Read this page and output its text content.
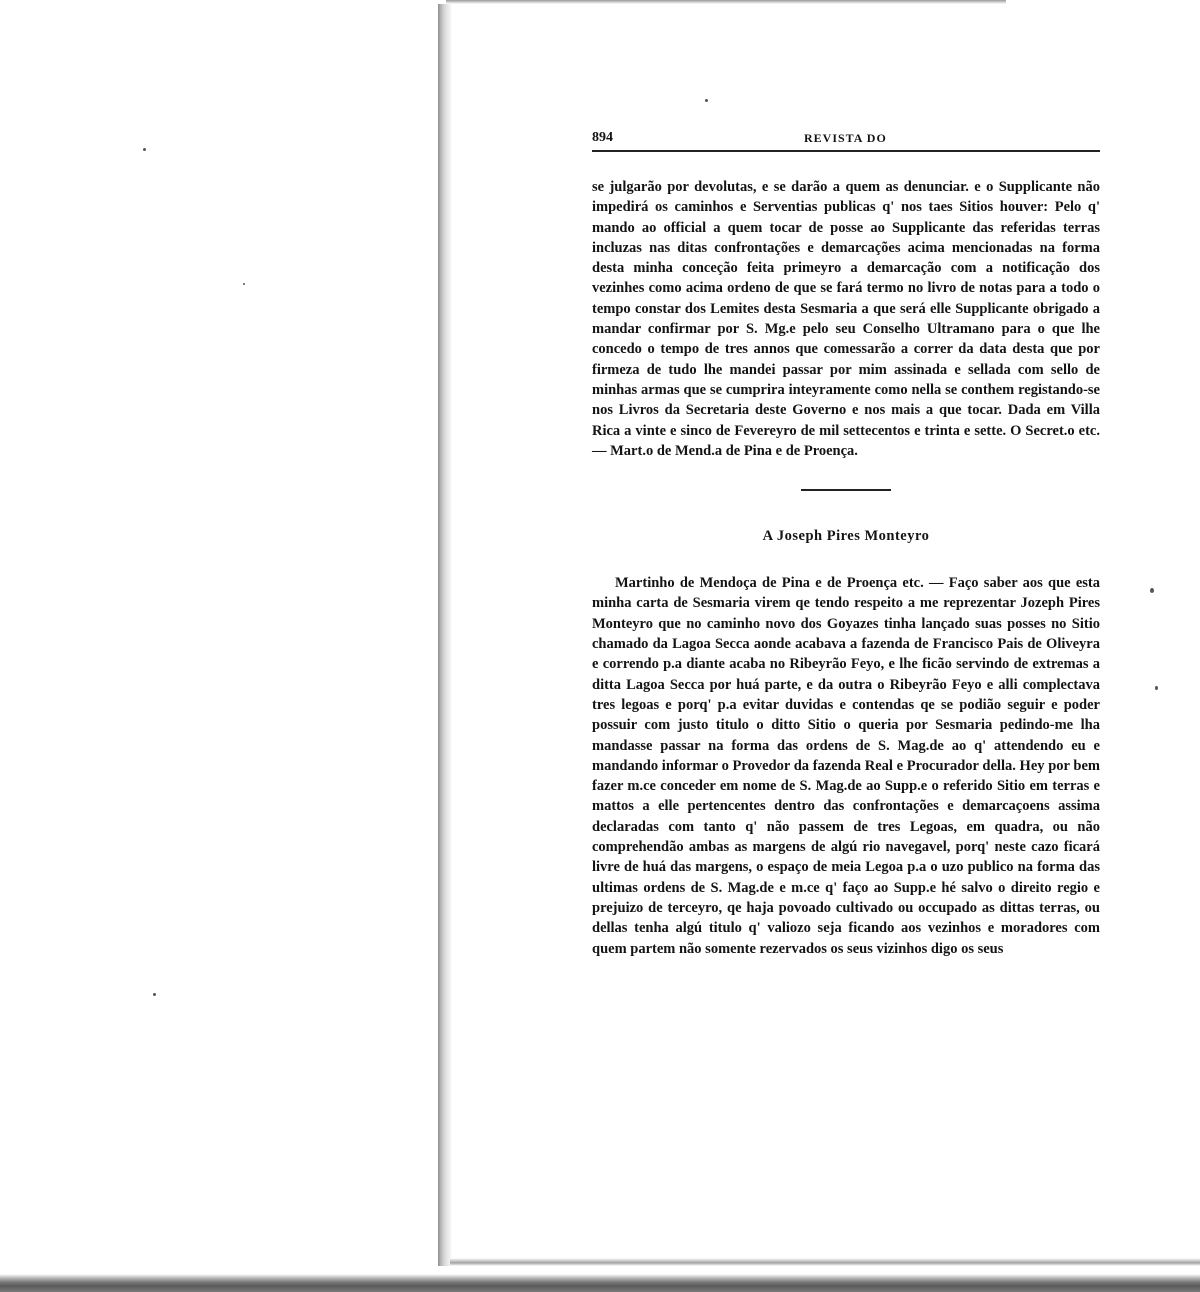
894	REVISTA DO

se julgarão por devolutas, e se darão a quem as denunciar. e o Supplicante não impedirá os caminhos e Serventias publicas q' nos taes Sitios houver: Pelo q' mando ao official a quem tocar de posse ao Supplicante das referidas terras incluzas nas ditas confrontações e demarcações acima mencionadas na forma desta minha conceção feita primeyro a demarcação com a notificação dos vezinhes como acima ordeno de que se fará termo no livro de notas para a todo o tempo constar dos Lemites desta Sesmaria a que será elle Supplicante obrigado a mandar confirmar por S. Mg.e pelo seu Conselho Ultramano para o que lhe concedo o tempo de tres annos que comessarão a correr da data desta que por firmeza de tudo lhe mandei passar por mim assinada e sellada com sello de minhas armas que se cumprira inteyramente como nella se conthem registando-se nos Livros da Secretaria deste Governo e nos mais a que tocar. Dada em Villa Rica a vinte e sinco de Fevereyro de mil settecentos e trinta e sette. O Secret.o etc.— Mart.o de Mend.a de Pina e de Proença.

A Joseph Pires Monteyro

Martinho de Mendoça de Pina e de Proença etc. — Faço saber aos que esta minha carta de Sesmaria virem qe tendo respeito a me reprezentar Jozeph Pires Monteyro que no caminho novo dos Goyazes tinha lançado suas posses no Sitio chamado da Lagoa Secca aonde acabava a fazenda de Francisco Pais de Oliveyra e correndo p.a diante acaba no Ribeyrão Feyo, e lhe ficão servindo de extremas a ditta Lagoa Secca por huá parte, e da outra o Ribeyrão Feyo e alli complectava tres legoas e porq' p.a evitar duvidas e contendas qe se podião seguir e poder possuir com justo titulo o ditto Sitio o queria por Sesmaria pedindo-me lha mandasse passar na forma das ordens de S. Mag.de ao q' attendendo eu e mandando informar o Provedor da fazenda Real e Procurador della. Hey por bem fazer m.ce conceder em nome de S. Mag.de ao Supp.e o referido Sitio em terras e mattos a elle pertencentes dentro das confrontações e demarcaçoens assima declaradas com tanto q' não passem de tres Legoas, em quadra, ou não comprehendão ambas as margens de algú rio navegavel, porq' neste cazo ficará livre de huá das margens, o espaço de meia Legoa p.a o uzo publico na forma das ultimas ordens de S. Mag.de e m.ce q' faço ao Supp.e hé salvo o direito regio e prejuizo de terceyro, qe haja povoado cultivado ou occupado as dittas terras, ou dellas tenha algú titulo q' valiozo seja ficando aos vezinhos e moradores com quem partem não somente rezervados os seus vizinhos digo os seus
